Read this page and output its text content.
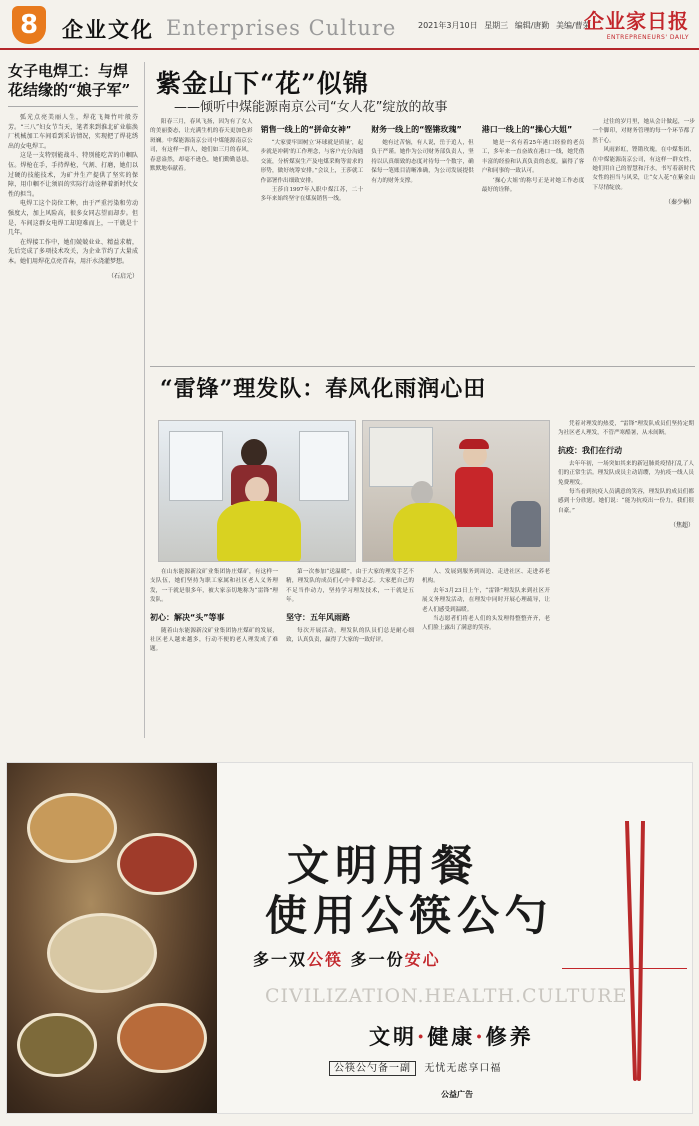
8	企业文化 Enterprises Culture	2021年3月10日 星期三 编辑/唐勤 美编/曹荣
企业家日报
ENTREPRENEURS' DAILY
女子电焊工：与焊花结缘的“娘子军”

弧光点亮美丽人生，焊花飞舞竹叶般芬芳。“三八”妇女节当天，笔者来到淮北矿业临涣厂机械加工车间看到采访情况，实现把了焊花绣出的女电焊工。

这是一支特别能战斗、特别能吃苦的巾帼队伍。焊枪在手，手持焊枪，气割、打磨，她们以过硬的技能技术，为矿井生产提供了坚实的保障，用巾帼不让须眉的实际行动诠释着新时代女性的担当。

电焊工这个岗位工种，由于严重污染和劳动强度大，加上风险高，很多女同志望而却步。但是，车间这群女电焊工却迎难而上，一干就是十几年。

在焊接工作中，她们兢兢业业、精益求精，先后完成了多项技术攻关，为企业节约了大量成本。她们用焊花点亮青春，用汗水浇灌梦想。

（石启元）
紫金山下“花”似锦
——倾听中煤能源南京公司“女人花”绽放的故事

阳春三月，春风飞扬，因为有了女人的美丽姿态，让充满生机的春天更加色彩斑斓。中煤能源南京公司中煤能源南京公司，有这样一群人，她们如三月的春风，春意盎然，却毫不逊色，她们勤勤恳恳，默默地奉献着。

销售一线上的“拼命女神”

“大家要牢固树立‘环球就是质量’，起步就是冲刺’的工作理念，与客户充分沟通交流，分析煤炭生产及电煤采购等需求的形势，做好统筹安排。”会议上，王莎就工作部署作出细致安排。

王莎自1997年入职中煤江苏，二十多年来始终坚守在煤炭销售一线。

财务一线上的“铿锵玫瑰”

她有过苦恼，有人说，岳于追人，但负于严谨。她作为公司财务部负责人，坚持以认真细致的态度对待每一个数字，确保每一笔账目清晰准确，为公司发展提供有力的财务支撑。

港口一线上的“操心大姐”

她是一名有着25年港口经验的老员工，多年来一直奋战在港口一线，她凭借丰富的经验和认真负责的态度，赢得了客户和同事的一致认可。

‘操心大姐’的称号正是对她工作态度最好的诠释。

过往的岁月里，她从会计做起，一步一个脚印，对财务管理的每一个环节都了然于心。

风雨彩虹，铿锵玫瑰。在中煤集团、在中煤能源南京公司，有这样一群女性，她们用自己的智慧和汗水，书写着新时代女性的担当与风采，让“女人花”在紫金山下尽情绽放。

（秦少楠）
“雷锋”理发队：春风化雨润心田

在山东能源新汶矿业集团协庄煤矿，有这样一支队伍，她们坚持为职工家属和社区老人义务理发，一干就是很多年，被大家亲切地称为“雷锋”理发队。

初心：解决“头”等事

随着山东能源新汶矿业集团协庄煤矿的发展，社区老人越来越多，行动不便的老人理发成了难题。

第一次参加“送温暖”，由于大家的理发手艺不精，理发队的成员们心中非常忐忑。大家把自己的不足当作动力，坚持学习理发技术，一干就是五年。

坚守：五年风雨路

每次开展活动，理发队的队员们总是耐心细致，认真负责，赢得了大家的一致好评。

人、发展到服务到周边、走进社区、走进养老机构。

去年3月23日上午，“雷锋”理发队来到社区开展义务理发活动，在理发中同时开展心理疏导，让老人们感受到温暖。

当志愿者们将老人们的头发理得整整齐齐，老人们脸上露出了满意的笑容。

凭着对理发的热爱，“雷锋”理发队成员们坚持定期为社区老人理发，不管严寒酷暑，从未间断。

抗疫：我们在行动

去年年初，一场突如其来的新冠肺炎疫情打乱了人们的正常生活。理发队成员主动请缨，为抗疫一线人员免费理发。

每当看到抗疫人员满意的笑容，理发队的成员们都感到十分欣慰。她们说：“能为抗疫出一份力，我们很自豪。”

（焦超）
文明用餐
使用公筷公勺
多一双公筷 多一份安心
CIVILIZATION.HEALTH.CULTURE
文明·健康·修养
公筷公勺备一副 无忧无虑享口福
公益广告
